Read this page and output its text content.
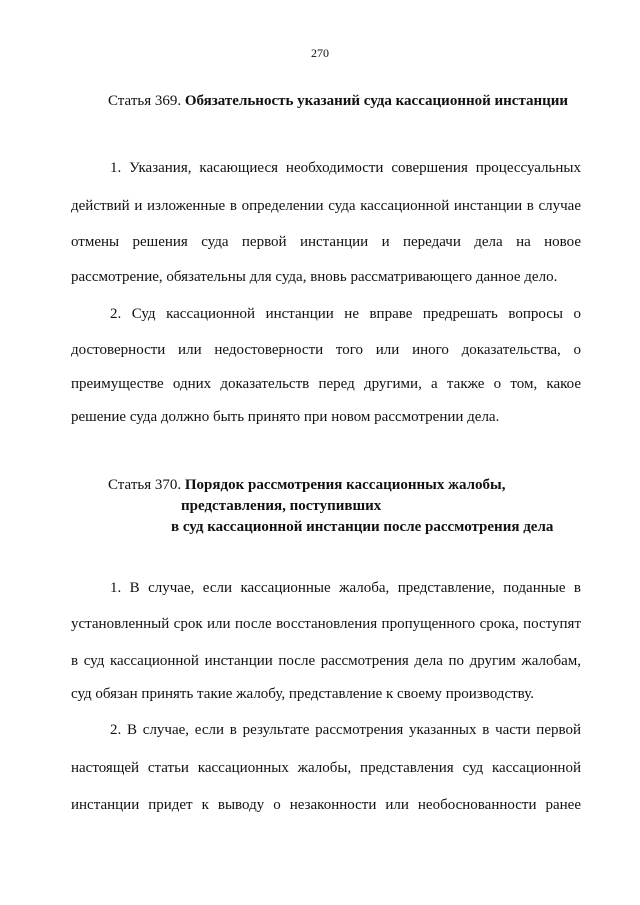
270
Статья 369. Обязательность указаний суда кассационной инстанции
1. Указания, касающиеся необходимости совершения процессуальных
действий и изложенные в определении суда кассационной инстанции в случае
отмены решения суда первой инстанции и передачи дела на новое
рассмотрение, обязательны для суда, вновь рассматривающего данное дело.
2. Суд кассационной инстанции не вправе предрешать вопросы о
достоверности или недостоверности того или иного доказательства, о
преимуществе одних доказательств перед другими, а также о том, какое
решение суда должно быть принято при новом рассмотрении дела.
Статья 370. Порядок рассмотрения кассационных жалобы,
представления, поступивших
в суд кассационной инстанции после рассмотрения дела
1. В случае, если кассационные жалоба, представление, поданные в
установленный срок или после восстановления пропущенного срока, поступят
в суд кассационной инстанции после рассмотрения дела по другим жалобам,
суд обязан принять такие жалобу, представление к своему производству.
2. В случае, если в результате рассмотрения указанных в части первой
настоящей статьи кассационных жалобы, представления суд кассационной
инстанции придет к выводу о незаконности или необоснованности ранее
